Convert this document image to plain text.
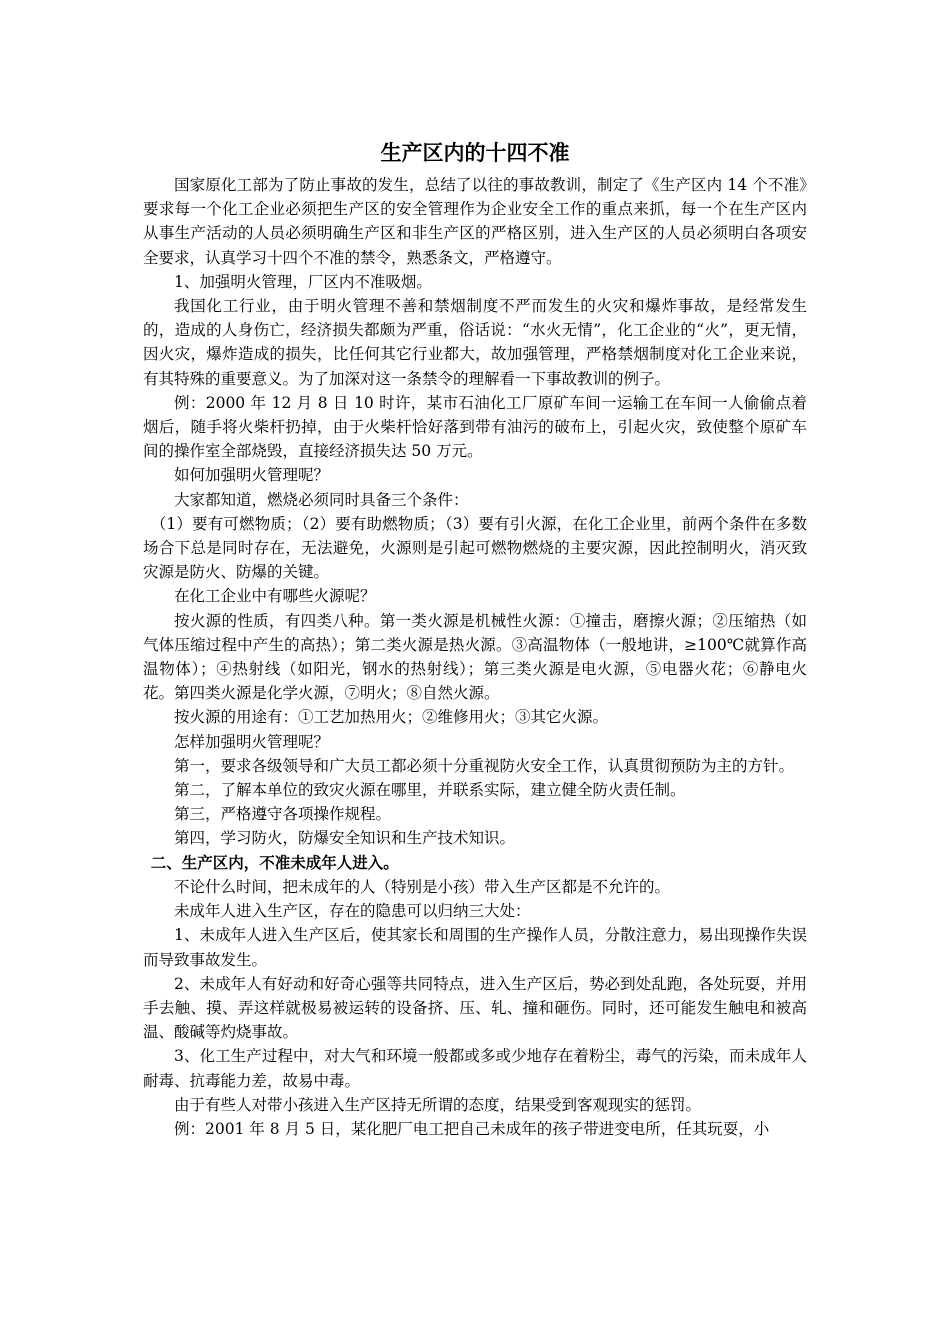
生产区内的十四不准

国家原化工部为了防止事故的发生，总结了以往的事故教训，制定了《生产区内 14 个不准》要求每一个化工企业必须把生产区的安全管理作为企业安全工作的重点来抓，每一个在生产区内从事生产活动的人员必须明确生产区和非生产区的严格区别，进入生产区的人员必须明白各项安全要求，认真学习十四个不准的禁令，熟悉条文，严格遵守。

1、加强明火管理，厂区内不准吸烟。

我国化工行业，由于明火管理不善和禁烟制度不严而发生的火灾和爆炸事故，是经常发生的，造成的人身伤亡，经济损失都颇为严重，俗话说：“水火无情”，化工企业的“火”，更无情，因火灾，爆炸造成的损失，比任何其它行业都大，故加强管理，严格禁烟制度对化工企业来说，有其特殊的重要意义。为了加深对这一条禁令的理解看一下事故教训的例子。

例：2000 年 12 月 8 日 10 时许，某市石油化工厂原矿车间一运输工在车间一人偷偷点着烟后，随手将火柴杆扔掉，由于火柴杆恰好落到带有油污的破布上，引起火灾，致使整个原矿车间的操作室全部烧毁，直接经济损失达 50 万元。

如何加强明火管理呢？

大家都知道，燃烧必须同时具备三个条件：

（1）要有可燃物质；（2）要有助燃物质；（3）要有引火源，在化工企业里，前两个条件在多数场合下总是同时存在，无法避免，火源则是引起可燃物燃烧的主要灾源，因此控制明火，消灭致灾源是防火、防爆的关键。

在化工企业中有哪些火源呢？

按火源的性质，有四类八种。第一类火源是机械性火源：①撞击，磨擦火源；②压缩热（如气体压缩过程中产生的高热）；第二类火源是热火源。③高温物体（一般地讲，≥100℃就算作高温物体）；④热射线（如阳光，钢水的热射线）；第三类火源是电火源，⑤电器火花；⑥静电火花。第四类火源是化学火源，⑦明火；⑧自然火源。

按火源的用途有：①工艺加热用火；②维修用火；③其它火源。

怎样加强明火管理呢？

第一，要求各级领导和广大员工都必须十分重视防火安全工作，认真贯彻预防为主的方针。

第二，了解本单位的致灾火源在哪里，并联系实际，建立健全防火责任制。

第三，严格遵守各项操作规程。

第四，学习防火，防爆安全知识和生产技术知识。

二、生产区内，不准未成年人进入。

不论什么时间，把未成年的人（特别是小孩）带入生产区都是不允许的。

未成年人进入生产区，存在的隐患可以归纳三大处：

1、未成年人进入生产区后，使其家长和周围的生产操作人员，分散注意力，易出现操作失误而导致事故发生。

2、未成年人有好动和好奇心强等共同特点，进入生产区后，势必到处乱跑，各处玩耍，并用手去触、摸、弄这样就极易被运转的设备挤、压、轧、撞和砸伤。同时，还可能发生触电和被高温、酸碱等灼烧事故。

3、化工生产过程中，对大气和环境一般都或多或少地存在着粉尘，毒气的污染，而未成年人耐毒、抗毒能力差，故易中毒。

由于有些人对带小孩进入生产区持无所谓的态度，结果受到客观现实的惩罚。

例：2001 年 8 月 5 日，某化肥厂电工把自己未成年的孩子带进变电所，任其玩耍，小
